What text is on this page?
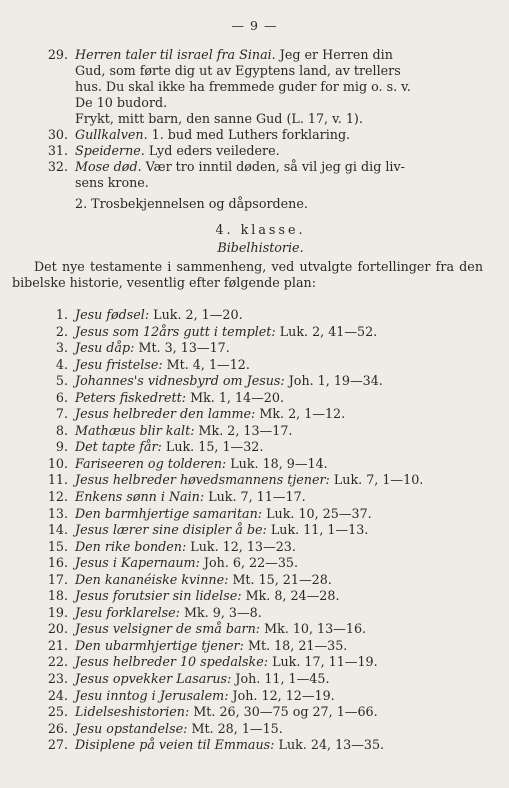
— 9 —
29. Herren taler til israel fra Sinai. Jeg er Herren din
Gud, som førte dig ut av Egyptens land, av trellers
hus. Du skal ikke ha fremmede guder for mig o. s. v.
De 10 budord.
Frykt, mitt barn, den sanne Gud (L. 17, v. 1).
30. Gullkalven. 1. bud med Luthers forklaring.
31. Speiderne. Lyd eders veiledere.
32. Mose død. Vær tro inntil døden, så vil jeg gi dig liv-
sens krone.
2. Trosbekjennelsen og dåpsordene.
4. klasse.
Bibelhistorie.
Det nye testamente i sammenheng, ved utvalgte fortellinger fra den bibelske historie, vesentlig efter følgende plan:
1. Jesu fødsel: Luk. 2, 1—20.
2. Jesus som 12års gutt i templet: Luk. 2, 41—52.
3. Jesu dåp: Mt. 3, 13—17.
4. Jesu fristelse: Mt. 4, 1—12.
5. Johannes's vidnesbyrd om Jesus: Joh. 1, 19—34.
6. Peters fiskedrett: Mk. 1, 14—20.
7. Jesus helbreder den lamme: Mk. 2, 1—12.
8. Mathæus blir kalt: Mk. 2, 13—17.
9. Det tapte får: Luk. 15, 1—32.
10. Fariseeren og tolderen: Luk. 18, 9—14.
11. Jesus helbreder høvedsmannens tjener: Luk. 7, 1—10.
12. Enkens sønn i Nain: Luk. 7, 11—17.
13. Den barmhjertige samaritan: Luk. 10, 25—37.
14. Jesus lærer sine disipler å be: Luk. 11, 1—13.
15. Den rike bonden: Luk. 12, 13—23.
16. Jesus i Kapernaum: Joh. 6, 22—35.
17. Den kananéiske kvinne: Mt. 15, 21—28.
18. Jesus forutsier sin lidelse: Mk. 8, 24—28.
19. Jesu forklarelse: Mk. 9, 3—8.
20. Jesus velsigner de små barn: Mk. 10, 13—16.
21. Den ubarmhjertige tjener: Mt. 18, 21—35.
22. Jesus helbreder 10 spedalske: Luk. 17, 11—19.
23. Jesus opvekker Lasarus: Joh. 11, 1—45.
24. Jesu inntog i Jerusalem: Joh. 12, 12—19.
25. Lidelseshistorien: Mt. 26, 30—75 og 27, 1—66.
26. Jesu opstandelse: Mt. 28, 1—15.
27. Disiplene på veien til Emmaus: Luk. 24, 13—35.
